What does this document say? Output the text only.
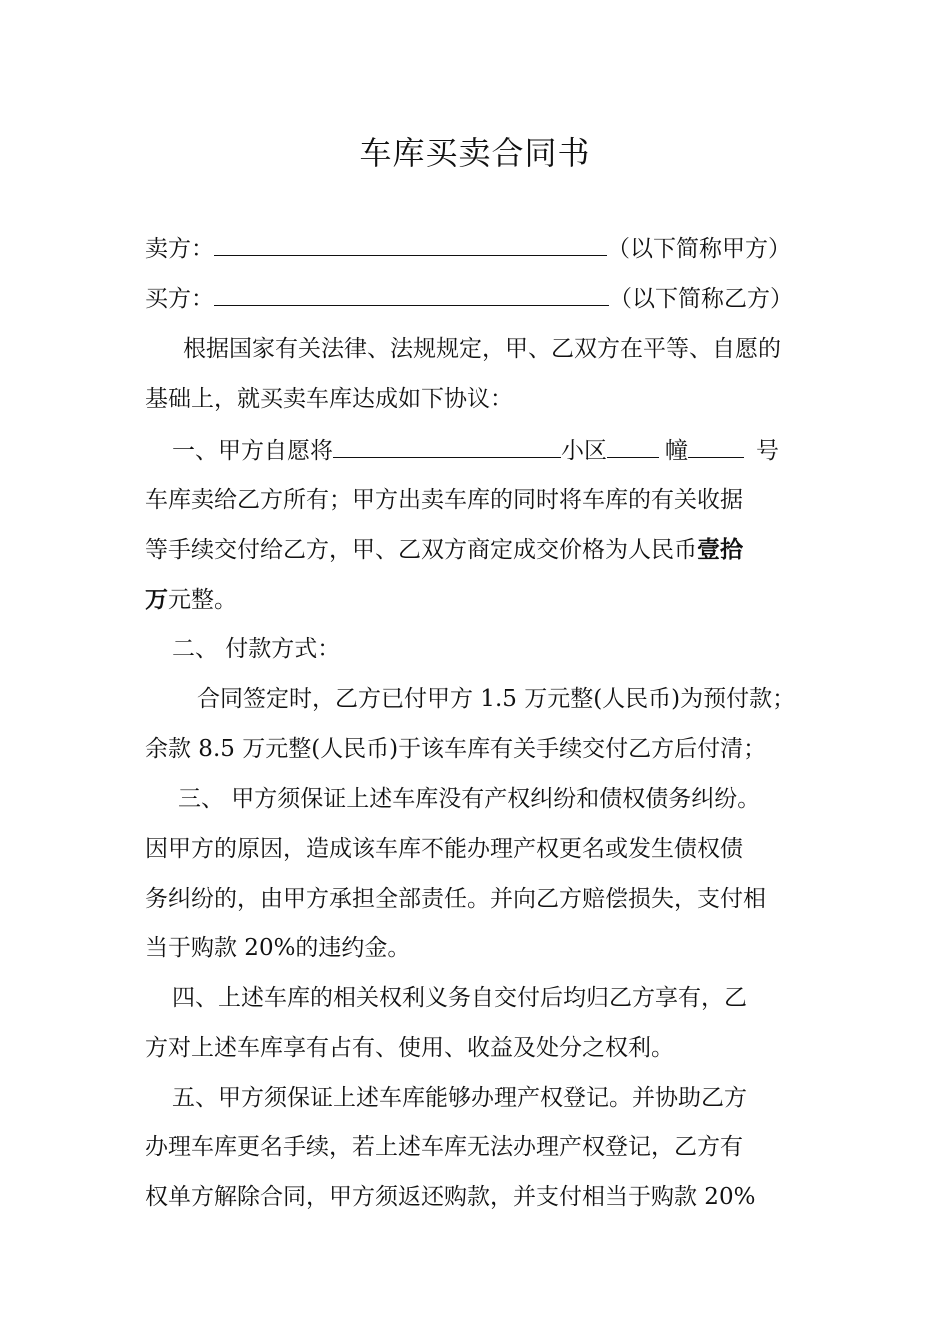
车库买卖合同书
卖方：	（以下简称甲方）
买方：	（以下简称乙方）
根据国家有关法律、法规规定，甲、乙双方在平等、自愿的
基础上，就买卖车库达成如下协议：
一、甲方自愿将	小区	幢	号
车库卖给乙方所有；甲方出卖车库的同时将车库的有关收据
等手续交付给乙方，甲、乙双方商定成交价格为人民币壹拾
万元整。
二、 付款方式：
合同签定时，乙方已付甲方 1.5 万元整(人民币)为预付款；
余款 8.5 万元整(人民币)于该车库有关手续交付乙方后付清；
三、 甲方须保证上述车库没有产权纠纷和债权债务纠纷。
因甲方的原因，造成该车库不能办理产权更名或发生债权债
务纠纷的，由甲方承担全部责任。并向乙方赔偿损失，支付相
当于购款 20%的违约金。
四、上述车库的相关权利义务自交付后均归乙方享有，乙
方对上述车库享有占有、使用、收益及处分之权利。
五、甲方须保证上述车库能够办理产权登记。并协助乙方
办理车库更名手续，若上述车库无法办理产权登记，乙方有
权单方解除合同，甲方须返还购款，并支付相当于购款 20%
